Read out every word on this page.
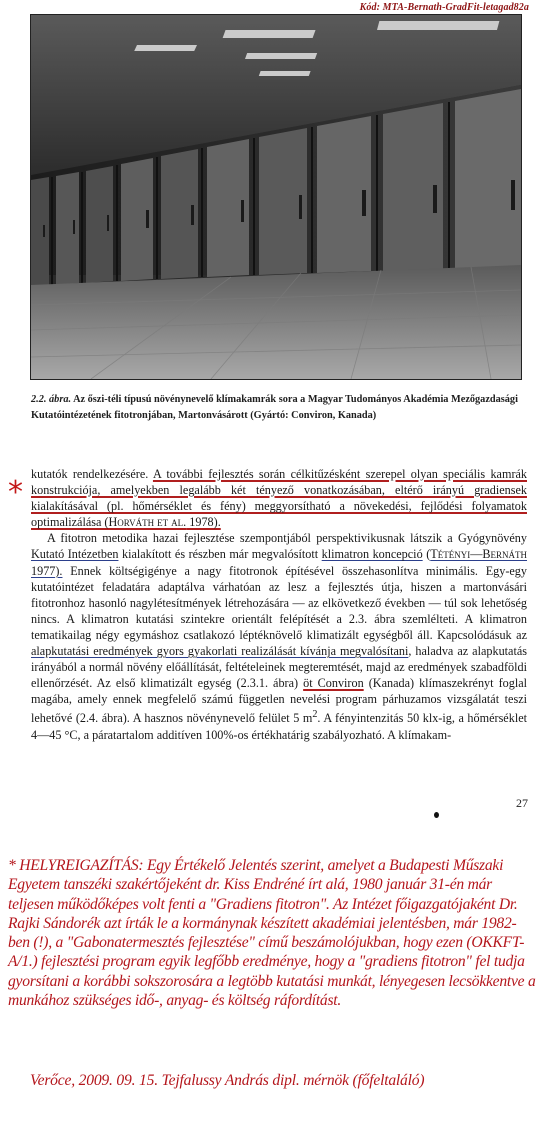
Kód: MTA-Bernath-GradFit-letagad82a
2.2. ábra. Az őszi-téli típusú növénynevelő klímakamrák sora a Magyar Tudományos Akadémia Mezőgazdasági Kutatóintézetének fitotronjában, Martonvásárott (Gyártó: Conviron, Kanada)
*

kutatók rendelkezésére. A további fejlesztés során célkitűzésként szerepel olyan speciális kamrák konstrukciója, amelyekben legalább két tényező vonatkozásában, eltérő irányú gradiensek kialakításával (pl. hőmérséklet és fény) meggyorsítható a növekedési, fejlődési folyamatok optimalizálása (Horváth et al. 1978).

A fitotron metodika hazai fejlesztése szempontjából perspektivikusnak látszik a Gyógynövény Kutató Intézetben kialakított és részben már megvalósított klimatron koncepció (Tétényi—Bernáth 1977). Ennek költségigénye a nagy fitotronok építésével összehasonlítva minimális. Egy-egy kutatóintézet feladatára adaptálva várhatóan az lesz a fejlesztés útja, hiszen a martonvásári fitotronhoz hasonló nagylétesítmények létrehozására — az elkövetkező években — túl sok lehetőség nincs. A klimatron kutatási szintekre orientált felépítését a 2.3. ábra szemlélteti. A klimatron tematikailag négy egymáshoz csatlakozó léptéknövelő klimatizált egységből áll. Kapcsolódásuk az alapkutatási eredmények gyors gyakorlati realizálását kívánja megvalósítani, haladva az alapkutatás irányából a normál növény előállítását, feltételeinek megteremtését, majd az eredmények szabadföldi ellenőrzését. Az első klimatizált egység (2.3.1. ábra) öt Conviron (Kanada) klímaszekrényt foglal magába, amely ennek megfelelő számú független nevelési program párhuzamos vizsgálatát teszi lehetővé (2.4. ábra). A hasznos növénynevelő felület 5 $m^2$. A fényintenzitás 50 klx-ig, a hőmérséklet 4—45 °C, a páratartalom additíven 100%-os értékhatárig szabályozható. A klímakam-

27
* HELYREIGAZÍTÁS: Egy Értékelő Jelentés szerint, amelyet a Budapesti Műszaki Egyetem tanszéki szakértőjeként dr. Kiss Endréné írt alá, 1980 január 31-én már teljesen működőképes volt fenti a "Gradiens fitotron". Az Intézet főigazgatójaként Dr. Rajki Sándorék azt írták le a kormánynak készített akadémiai jelentésben, már 1982-ben (!), a "Gabonatermesztés fejlesztése" című beszámolójukban, hogy ezen (OKKFT- A/1.) fejlesztési program egyik legfőbb eredménye, hogy a "gradiens fitotron" fel tudja gyorsítani a korábbi sokszorosára a legtöbb kutatási munkát, lényegesen lecsökkentve a munkához szükséges idő-, anyag- és költség ráfordítást.
Verőce, 2009. 09. 15. Tejfalussy András dipl. mérnök (főfeltaláló)
